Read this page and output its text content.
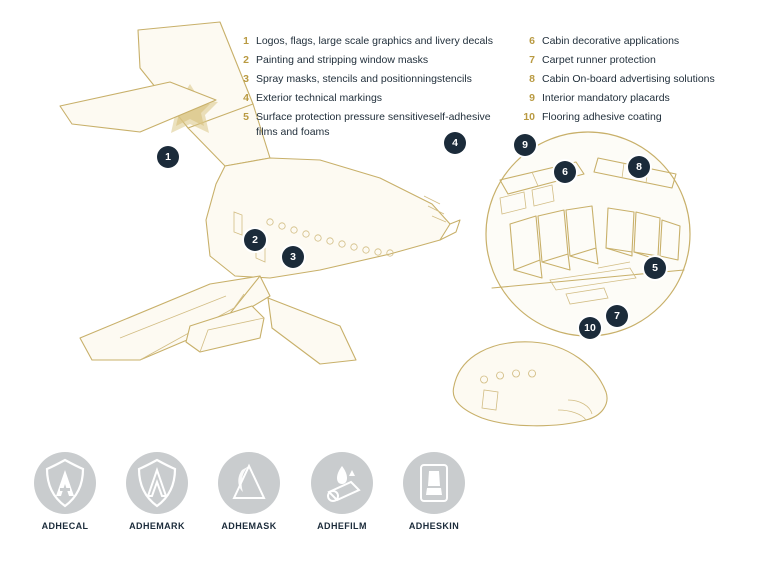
1 Logos, flags, large scale graphics and livery decals
2 Painting and stripping window masks
3 Spray masks, stencils and positionningstencils
4 Exterior technical markings
5 Surface protection pressure sensitiveself-adhesive films and foams
6 Cabin decorative applications
7 Carpet runner protection
8 Cabin On-board advertising solutions
9 Interior mandatory placards
10 Flooring adhesive coating
1
2
3
4
5
6
7
8
9
10
ADHECAL	ADHEMARK	ADHEMASK	ADHEFILM	ADHESKIN
